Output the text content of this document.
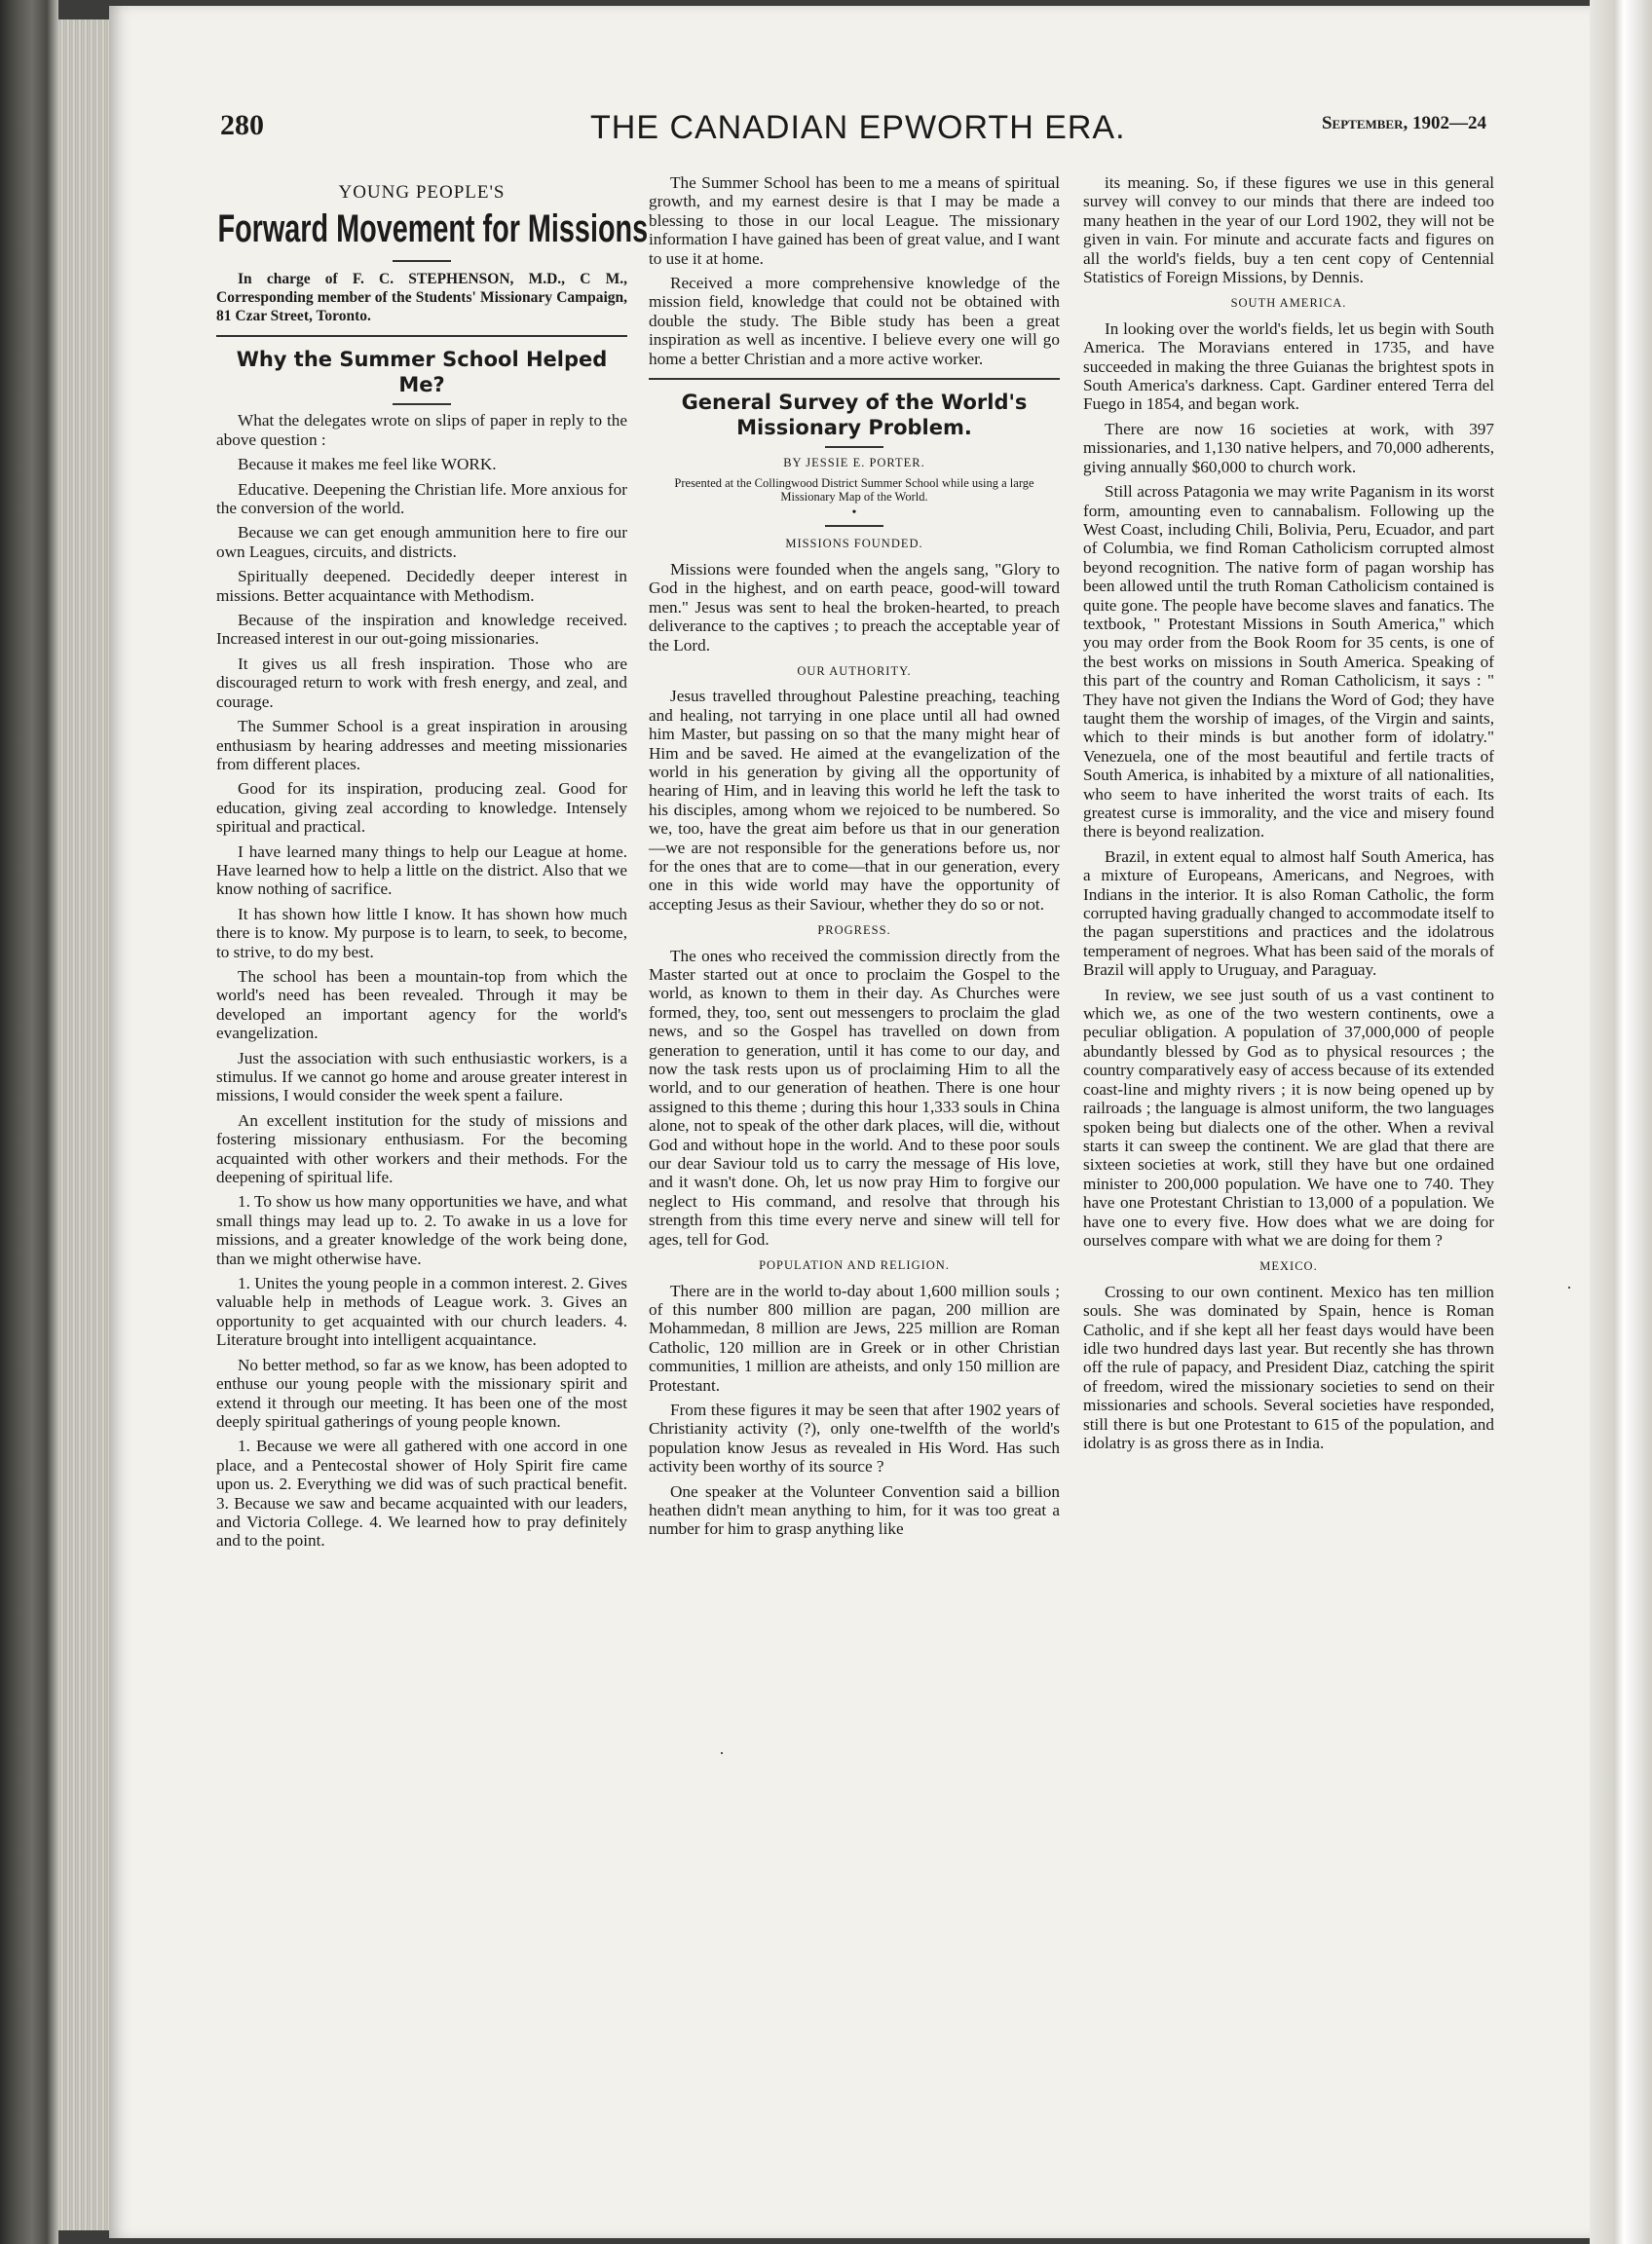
280	THE CANADIAN EPWORTH ERA.	September, 1902—24
YOUNG PEOPLE'S
Forward Movement for Missions
In charge of F. C. STEPHENSON, M.D., C M., Corresponding member of the Students' Missionary Campaign, 81 Czar Street, Toronto.
Why the Summer School Helped Me?

What the delegates wrote on slips of paper in reply to the above question :

Because it makes me feel like WORK.

Educative. Deepening the Christian life. More anxious for the conversion of the world.

Because we can get enough ammunition here to fire our own Leagues, circuits, and districts.

Spiritually deepened. Decidedly deeper interest in missions. Better acquaintance with Methodism.

Because of the inspiration and knowledge received. Increased interest in our out-going missionaries.

It gives us all fresh inspiration. Those who are discouraged return to work with fresh energy, and zeal, and courage.

The Summer School is a great inspiration in arousing enthusiasm by hearing addresses and meeting missionaries from different places.

Good for its inspiration, producing zeal. Good for education, giving zeal according to knowledge. Intensely spiritual and practical.

I have learned many things to help our League at home. Have learned how to help a little on the district. Also that we know nothing of sacrifice.

It has shown how little I know. It has shown how much there is to know. My purpose is to learn, to seek, to become, to strive, to do my best.

The school has been a mountain-top from which the world's need has been revealed. Through it may be developed an important agency for the world's evangelization.

Just the association with such enthusiastic workers, is a stimulus. If we cannot go home and arouse greater interest in missions, I would consider the week spent a failure.

An excellent institution for the study of missions and fostering missionary enthusiasm. For the becoming acquainted with other workers and their methods. For the deepening of spiritual life.

1. To show us how many opportunities we have, and what small things may lead up to. 2. To awake in us a love for missions, and a greater knowledge of the work being done, than we might otherwise have.

1. Unites the young people in a common interest. 2. Gives valuable help in methods of League work. 3. Gives an opportunity to get acquainted with our church leaders. 4. Literature brought into intelligent acquaintance.

No better method, so far as we know, has been adopted to enthuse our young people with the missionary spirit and extend it through our meeting. It has been one of the most deeply spiritual gatherings of young people known.

1. Because we were all gathered with one accord in one place, and a Pentecostal shower of Holy Spirit fire came upon us. 2. Everything we did was of such practical benefit. 3. Because we saw and became acquainted with our leaders, and Victoria College. 4. We learned how to pray definitely and to the point.

The Summer School has been to me a means of spiritual growth, and my earnest desire is that I may be made a blessing to those in our local League. The missionary information I have gained has been of great value, and I want to use it at home.

Received a more comprehensive knowledge of the mission field, knowledge that could not be obtained with double the study. The Bible study has been a great inspiration as well as incentive. I believe every one will go home a better Christian and a more active worker.

General Survey of the World's Missionary Problem.
BY JESSIE E. PORTER.
Presented at the Collingwood District Summer School while using a large Missionary Map of the World.
•
MISSIONS FOUNDED.

Missions were founded when the angels sang, "Glory to God in the highest, and on earth peace, good-will toward men." Jesus was sent to heal the broken-hearted, to preach deliverance to the captives ; to preach the acceptable year of the Lord.

OUR AUTHORITY.

Jesus travelled throughout Palestine preaching, teaching and healing, not tarrying in one place until all had owned him Master, but passing on so that the many might hear of Him and be saved. He aimed at the evangelization of the world in his generation by giving all the opportunity of hearing of Him, and in leaving this world he left the task to his disciples, among whom we rejoiced to be numbered. So we, too, have the great aim before us that in our generation—we are not responsible for the generations before us, nor for the ones that are to come—that in our generation, every one in this wide world may have the opportunity of accepting Jesus as their Saviour, whether they do so or not.

PROGRESS.

The ones who received the commission directly from the Master started out at once to proclaim the Gospel to the world, as known to them in their day. As Churches were formed, they, too, sent out messengers to proclaim the glad news, and so the Gospel has travelled on down from generation to generation, until it has come to our day, and now the task rests upon us of proclaiming Him to all the world, and to our generation of heathen. There is one hour assigned to this theme ; during this hour 1,333 souls in China alone, not to speak of the other dark places, will die, without God and without hope in the world. And to these poor souls our dear Saviour told us to carry the message of His love, and it wasn't done. Oh, let us now pray Him to forgive our neglect to His command, and resolve that through his strength from this time every nerve and sinew will tell for ages, tell for God.

POPULATION AND RELIGION.

There are in the world to-day about 1,600 million souls ; of this number 800 million are pagan, 200 million are Mohammedan, 8 million are Jews, 225 million are Roman Catholic, 120 million are in Greek or in other Christian communities, 1 million are atheists, and only 150 million are Protestant.

From these figures it may be seen that after 1902 years of Christianity activity (?), only one-twelfth of the world's population know Jesus as revealed in His Word. Has such activity been worthy of its source ?

One speaker at the Volunteer Convention said a billion heathen didn't mean anything to him, for it was too great a number for him to grasp anything like

its meaning. So, if these figures we use in this general survey will convey to our minds that there are indeed too many heathen in the year of our Lord 1902, they will not be given in vain. For minute and accurate facts and figures on all the world's fields, buy a ten cent copy of Centennial Statistics of Foreign Missions, by Dennis.

SOUTH AMERICA.

In looking over the world's fields, let us begin with South America. The Moravians entered in 1735, and have succeeded in making the three Guianas the brightest spots in South America's darkness. Capt. Gardiner entered Terra del Fuego in 1854, and began work.

There are now 16 societies at work, with 397 missionaries, and 1,130 native helpers, and 70,000 adherents, giving annually $60,000 to church work.

Still across Patagonia we may write Paganism in its worst form, amounting even to cannabalism. Following up the West Coast, including Chili, Bolivia, Peru, Ecuador, and part of Columbia, we find Roman Catholicism corrupted almost beyond recognition. The native form of pagan worship has been allowed until the truth Roman Catholicism contained is quite gone. The people have become slaves and fanatics. The textbook, " Protestant Missions in South America," which you may order from the Book Room for 35 cents, is one of the best works on missions in South America. Speaking of this part of the country and Roman Catholicism, it says : " They have not given the Indians the Word of God; they have taught them the worship of images, of the Virgin and saints, which to their minds is but another form of idolatry." Venezuela, one of the most beautiful and fertile tracts of South America, is inhabited by a mixture of all nationalities, who seem to have inherited the worst traits of each. Its greatest curse is immorality, and the vice and misery found there is beyond realization.

Brazil, in extent equal to almost half South America, has a mixture of Europeans, Americans, and Negroes, with Indians in the interior. It is also Roman Catholic, the form corrupted having gradually changed to accommodate itself to the pagan superstitions and practices and the idolatrous temperament of negroes. What has been said of the morals of Brazil will apply to Uruguay, and Paraguay.

In review, we see just south of us a vast continent to which we, as one of the two western continents, owe a peculiar obligation. A population of 37,000,000 of people abundantly blessed by God as to physical resources ; the country comparatively easy of access because of its extended coast-line and mighty rivers ; it is now being opened up by railroads ; the language is almost uniform, the two languages spoken being but dialects one of the other. When a revival starts it can sweep the continent. We are glad that there are sixteen societies at work, still they have but one ordained minister to 200,000 population. We have one to 740. They have one Protestant Christian to 13,000 of a population. We have one to every five. How does what we are doing for ourselves compare with what we are doing for them ?

MEXICO.

Crossing to our own continent. Mexico has ten million souls. She was dominated by Spain, hence is Roman Catholic, and if she kept all her feast days would have been idle two hundred days last year. But recently she has thrown off the rule of papacy, and President Diaz, catching the spirit of freedom, wired the missionary societies to send on their missionaries and schools. Several societies have responded, still there is but one Protestant to 615 of the population, and idolatry is as gross there as in India.

·
·
